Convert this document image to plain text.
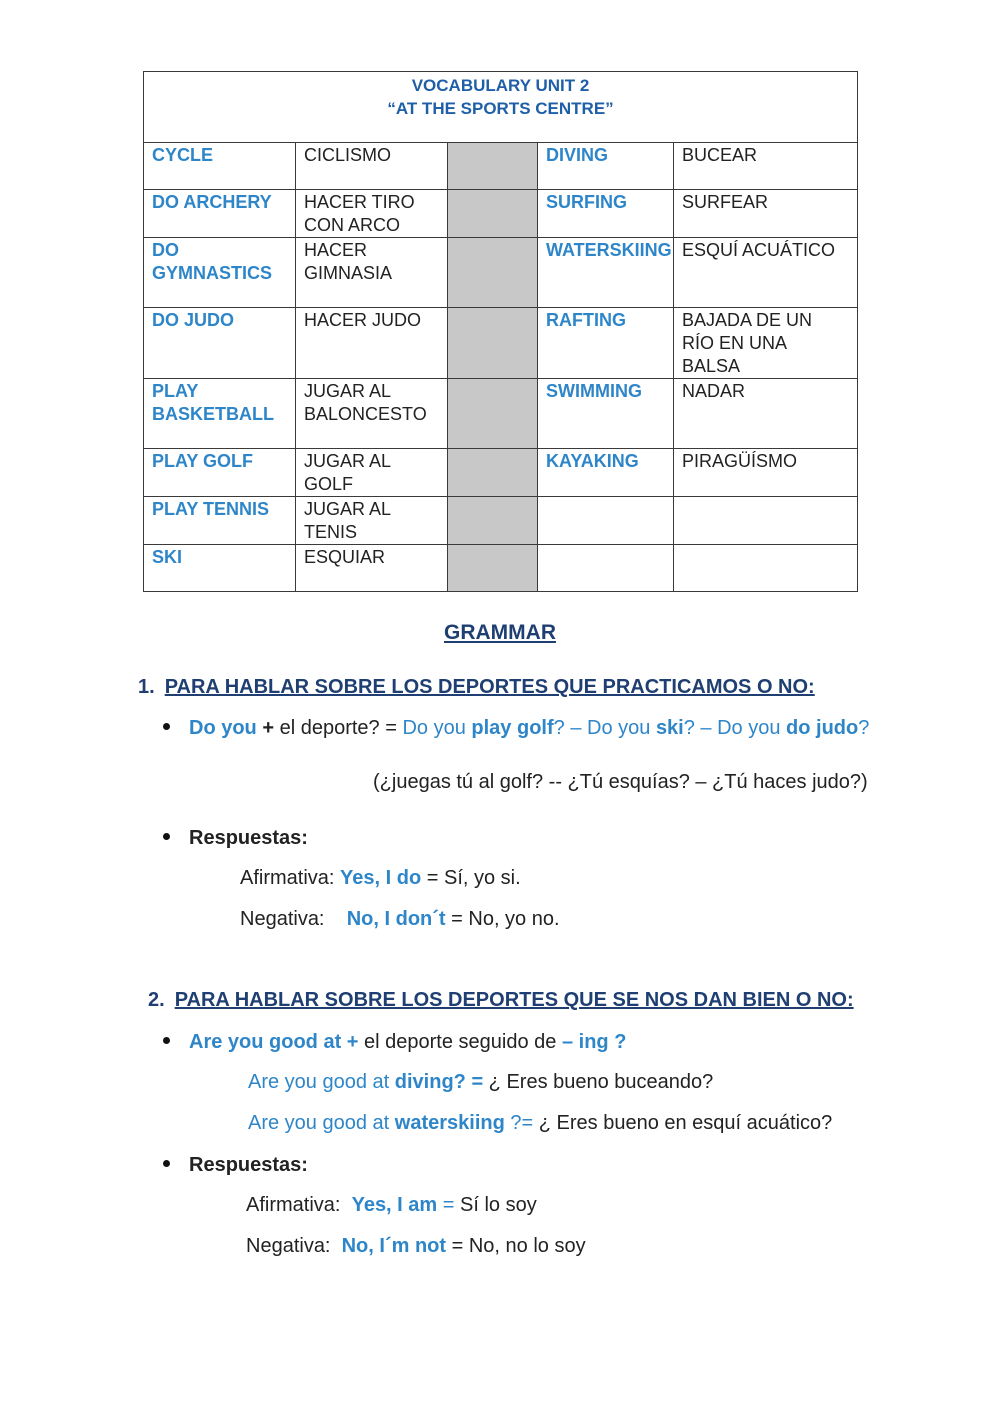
VOCABULARY UNIT 2
“AT THE SPORTS CENTRE”				

CYCLE	CICLISMO		DIVING	BUCEAR
DO ARCHERY	HACER TIRO CON ARCO		SURFING	SURFEAR
DO GYMNASTICS	HACER GIMNASIA		WATERSKIING	ESQUÍ ACUÁTICO
DO JUDO	HACER JUDO		RAFTING	BAJADA DE UN RÍO EN UNA BALSA
PLAY BASKETBALL	JUGAR AL BALONCESTO		SWIMMING	NADAR
PLAY GOLF	JUGAR AL GOLF		KAYAKING	PIRAGÜÍSMO
PLAY TENNIS	JUGAR AL TENIS			
SKI	ESQUIAR			
GRAMMAR
1. PARA HABLAR SOBRE LOS DEPORTES QUE PRACTICAMOS O NO:
Do you + el deporte? = Do you play golf? – Do you ski? – Do you do judo?
(¿juegas tú al golf? -- ¿Tú esquías? – ¿Tú haces judo?)
Respuestas:
Afirmativa: Yes, I do = Sí, yo si.
Negativa:    No, I don´t = No, yo no.
2. PARA HABLAR SOBRE LOS DEPORTES QUE SE NOS DAN BIEN O NO:
Are you good at + el deporte seguido de – ing ?
Are you good at diving? = ¿ Eres bueno buceando?
Are you good at waterskiing ?= ¿ Eres bueno en esquí acuático?
Respuestas:
Afirmativa:  Yes, I am = Sí lo soy
Negativa:  No, I´m not = No, no lo soy
